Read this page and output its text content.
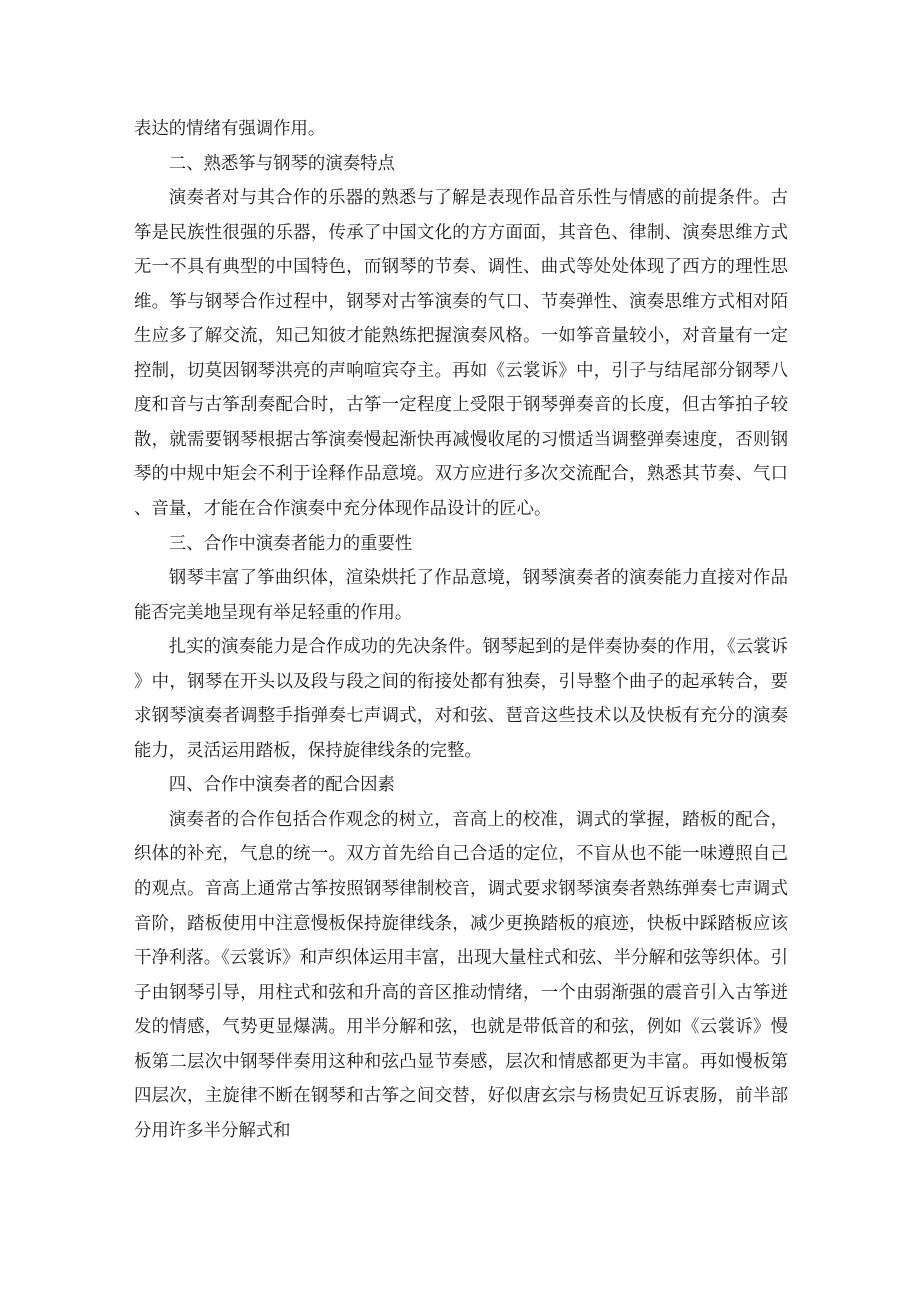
表达的情绪有强调作用。

二、熟悉筝与钢琴的演奏特点

演奏者对与其合作的乐器的熟悉与了解是表现作品音乐性与情感的前提条件。古筝是民族性很强的乐器，传承了中国文化的方方面面，其音色、律制、演奏思维方式无一不具有典型的中国特色，而钢琴的节奏、调性、曲式等处处体现了西方的理性思维。筝与钢琴合作过程中，钢琴对古筝演奏的气口、节奏弹性、演奏思维方式相对陌生应多了解交流，知己知彼才能熟练把握演奏风格。一如筝音量较小，对音量有一定控制，切莫因钢琴洪亮的声响喧宾夺主。再如《云裳诉》中，引子与结尾部分钢琴八度和音与古筝刮奏配合时，古筝一定程度上受限于钢琴弹奏音的长度，但古筝拍子较散，就需要钢琴根据古筝演奏慢起渐快再减慢收尾的习惯适当调整弹奏速度，否则钢琴的中规中矩会不利于诠释作品意境。双方应进行多次交流配合，熟悉其节奏、气口、音量，才能在合作演奏中充分体现作品设计的匠心。

三、合作中演奏者能力的重要性

钢琴丰富了筝曲织体，渲染烘托了作品意境，钢琴演奏者的演奏能力直接对作品能否完美地呈现有举足轻重的作用。

扎实的演奏能力是合作成功的先决条件。钢琴起到的是伴奏协奏的作用，《云裳诉》中，钢琴在开头以及段与段之间的衔接处都有独奏，引导整个曲子的起承转合，要求钢琴演奏者调整手指弹奏七声调式，对和弦、琶音这些技术以及快板有充分的演奏能力，灵活运用踏板，保持旋律线条的完整。

四、合作中演奏者的配合因素

演奏者的合作包括合作观念的树立，音高上的校准，调式的掌握，踏板的配合，织体的补充，气息的统一。双方首先给自己合适的定位，不盲从也不能一味遵照自己的观点。音高上通常古筝按照钢琴律制校音，调式要求钢琴演奏者熟练弹奏七声调式音阶，踏板使用中注意慢板保持旋律线条，减少更换踏板的痕迹，快板中踩踏板应该干净利落。《云裳诉》和声织体运用丰富，出现大量柱式和弦、半分解和弦等织体。引子由钢琴引导，用柱式和弦和升高的音区推动情绪，一个由弱渐强的震音引入古筝迸发的情感，气势更显爆满。用半分解和弦，也就是带低音的和弦，例如《云裳诉》慢板第二层次中钢琴伴奏用这种和弦凸显节奏感，层次和情感都更为丰富。再如慢板第四层次，主旋律不断在钢琴和古筝之间交替，好似唐玄宗与杨贵妃互诉衷肠，前半部分用许多半分解式和
